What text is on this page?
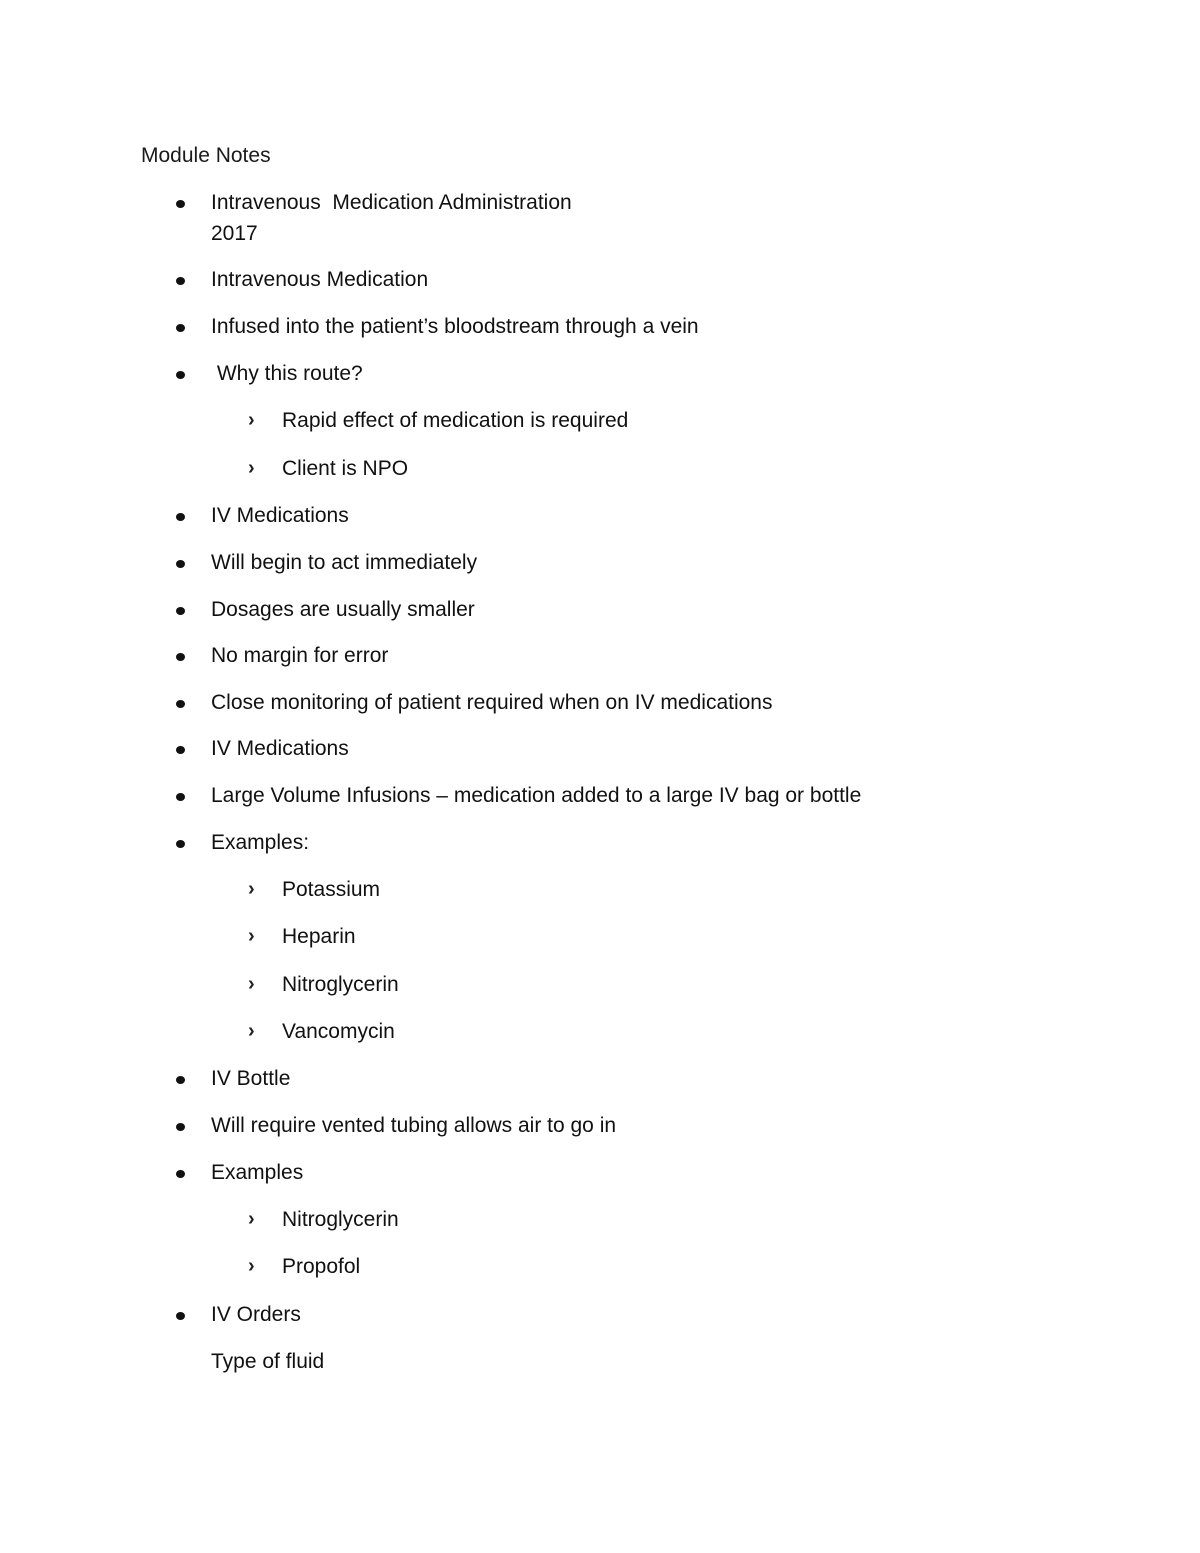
Module Notes
Intravenous  Medication Administration
2017
Intravenous Medication
Infused into the patient’s bloodstream through a vein
Why this route?
› Rapid effect of medication is required
› Client is NPO
IV Medications
Will begin to act immediately
Dosages are usually smaller
No margin for error
Close monitoring of patient required when on IV medications
IV Medications
Large Volume Infusions – medication added to a large IV bag or bottle
Examples:
› Potassium
› Heparin
› Nitroglycerin
› Vancomycin
IV Bottle
Will require vented tubing allows air to go in
Examples
› Nitroglycerin
› Propofol
IV Orders
Type of fluid
